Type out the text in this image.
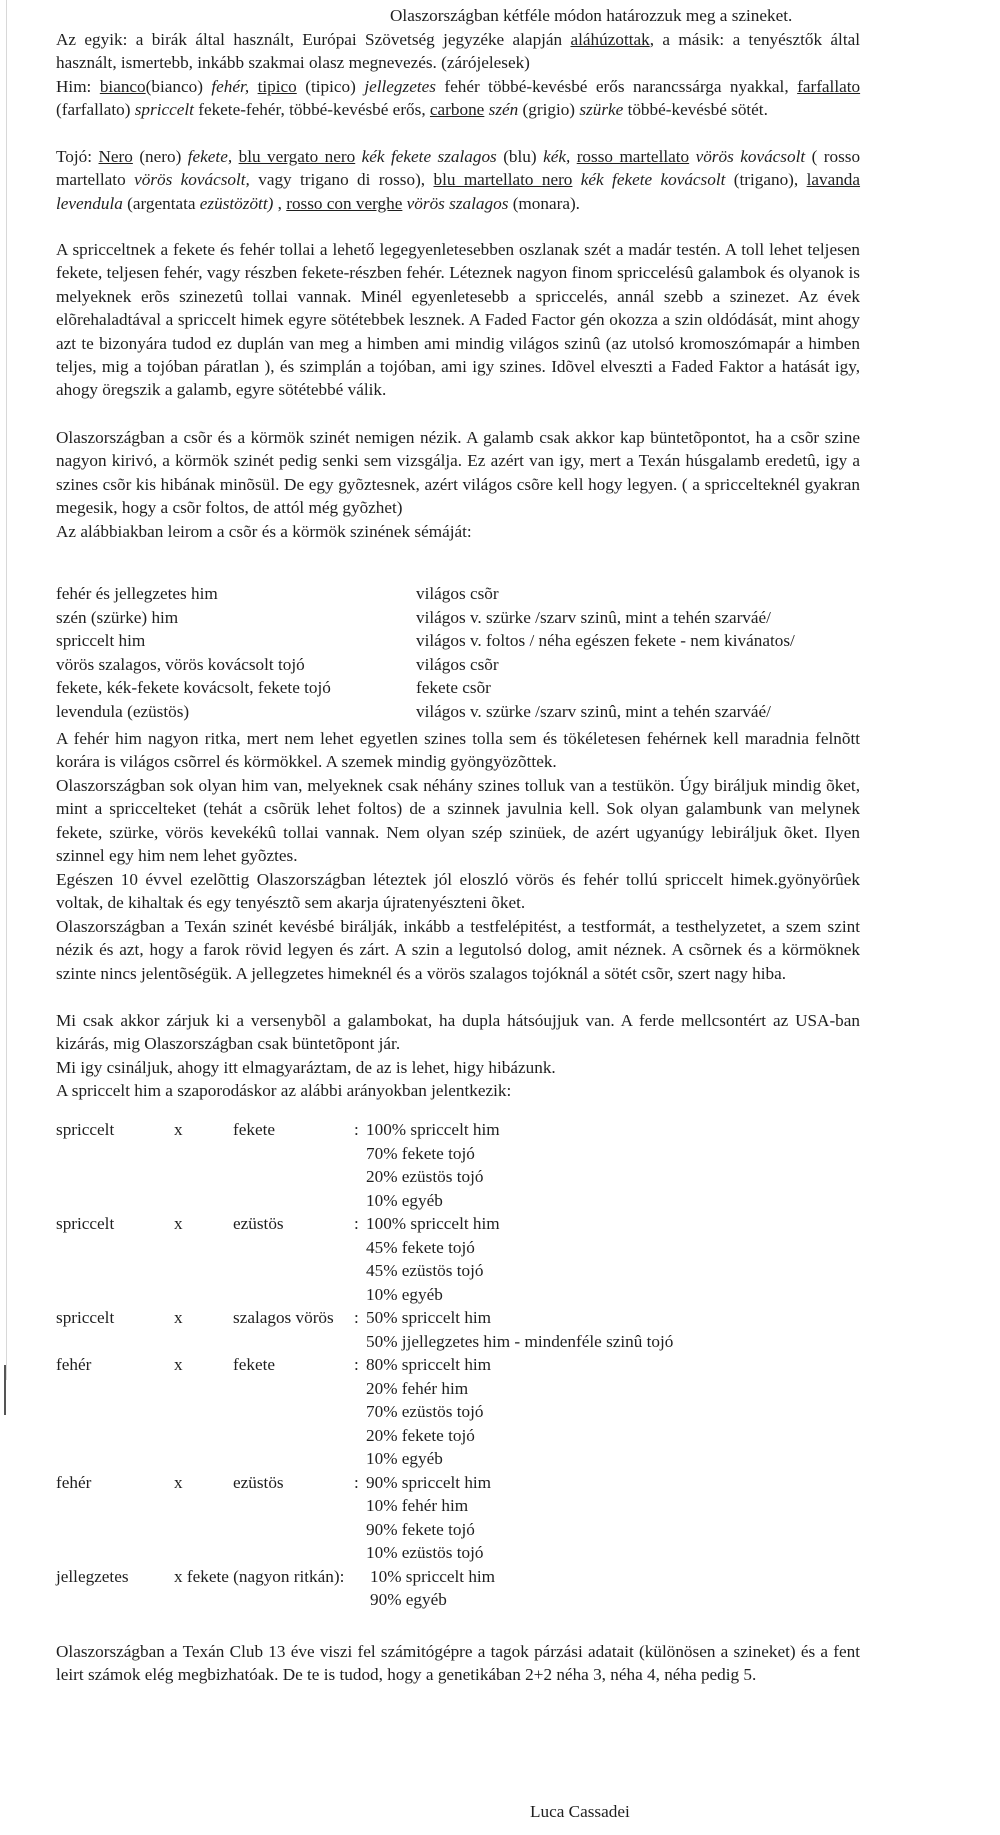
Olaszországban kétféle módon határozzuk meg a szineket.

Az egyik: a birák által használt, Európai Szövetség jegyzéke alapján aláhúzottak, a másik: a tenyésztők által használt, ismertebb, inkább szakmai olasz megnevezés. (zárójelesek)

Him: bianco(bianco) fehér, tipico (tipico) jellegzetes fehér többé-kevésbé erős narancssárga nyakkal, farfallato (farfallato) spriccelt fekete-fehér, többé-kevésbé erős, carbone szén (grigio) szürke többé-kevésbé sötét.

Tojó: Nero (nero) fekete, blu vergato nero kék fekete szalagos (blu) kék, rosso martellato vörös kovácsolt ( rosso martellato vörös kovácsolt, vagy trigano di rosso), blu martellato nero kék fekete kovácsolt (trigano), lavanda levendula (argentata ezüstözött) , rosso con verghe vörös szalagos (monara).

A spricceltnek a fekete és fehér tollai a lehető legegyenletesebben oszlanak szét a madár testén. A toll lehet teljesen fekete, teljesen fehér, vagy részben fekete-részben fehér. Léteznek nagyon finom spriccelésû galambok és olyanok is melyeknek erõs szinezetû tollai vannak. Minél egyenletesebb a spriccelés, annál szebb a szinezet. Az évek elõrehaladtával a spriccelt himek egyre sötétebbek lesznek. A Faded Factor gén okozza a szin oldódását, mint ahogy azt te bizonyára tudod ez duplán van meg a himben ami mindig világos szinû (az utolsó kromoszómapár a himben teljes, mig a tojóban páratlan ), és szimplán a tojóban, ami igy szines. Idõvel elveszti a Faded Faktor a hatását igy, ahogy öregszik a galamb, egyre sötétebbé válik.

Olaszországban a csõr és a körmök szinét nemigen nézik. A galamb csak akkor kap büntetõpontot, ha a csõr szine nagyon kirivó, a körmök szinét pedig senki sem vizsgálja. Ez azért van igy, mert a Texán húsgalamb eredetû, igy a szines csõr kis hibának minõsül. De egy gyõztesnek, azért világos csõre kell hogy legyen. ( a spriccelteknél gyakran megesik, hogy a csõr foltos, de attól még gyõzhet)

Az alábbiakban leirom a csõr és a körmök szinének sémáját:

fehér és jellegzetes him	világos csõr
szén (szürke) him	világos v. szürke /szarv szinû, mint a tehén szarváé/
spriccelt him	világos v. foltos / néha egészen fekete - nem kivánatos/
vörös szalagos, vörös kovácsolt tojó	világos csõr
fekete, kék-fekete kovácsolt, fekete tojó	fekete csõr
levendula (ezüstös)	világos v. szürke /szarv szinû, mint a tehén szarváé/

A fehér him nagyon ritka, mert nem lehet egyetlen szines tolla sem és tökéletesen fehérnek kell maradnia felnõtt korára is világos csõrrel és körmökkel. A szemek mindig gyöngyözõttek.

Olaszországban sok olyan him van, melyeknek csak néhány szines tolluk van a testükön. Úgy biráljuk mindig õket, mint a spriccelteket (tehát a csõrük lehet foltos) de a szinnek javulnia kell. Sok olyan galambunk van melynek fekete, szürke, vörös kevekékû tollai vannak. Nem olyan szép szinüek, de azért ugyanúgy lebiráljuk õket. Ilyen szinnel egy him nem lehet gyõztes.

Egészen 10 évvel ezelõttig Olaszországban léteztek jól eloszló vörös és fehér tollú spriccelt himek.gyönyörûek voltak, de kihaltak és egy tenyésztõ sem akarja újratenyészteni õket.

Olaszországban a Texán szinét kevésbé birálják, inkább a testfelépitést, a testformát, a testhelyzetet, a szem szint nézik és azt, hogy a farok rövid legyen és zárt. A szin a legutolsó dolog, amit néznek. A csõrnek és a körmöknek szinte nincs jelentõségük. A jellegzetes himeknél és a vörös szalagos tojóknál a sötét csõr, szert nagy hiba.

Mi csak akkor zárjuk ki a versenybõl a galambokat, ha dupla hátsóujjuk van. A ferde mellcsontért az USA-ban kizárás, mig Olaszországban csak büntetõpont jár.

Mi igy csináljuk, ahogy itt elmagyaráztam, de az is lehet, higy hibázunk.

A spriccelt him a szaporodáskor az alábbi arányokban jelentkezik:

spriccelt	x	fekete	: 100% spriccelt him
70% fekete tojó
20% ezüstös tojó
10% egyéb
spriccelt	x	ezüstös	: 100% spriccelt him
45% fekete tojó
45% ezüstös tojó
10% egyéb
spriccelt	x	szalagos vörös : 50% spriccelt him
50% jjellegzetes him - mindenféle szinû tojó
fehér	x	fekete	: 80% spriccelt him
20% fehér him
70% ezüstös tojó
20% fekete tojó
10% egyéb
fehér	x	ezüstös	: 90% spriccelt him
10% fehér him
90% fekete tojó
10% ezüstös tojó
jellegzetes	x fekete (nagyon ritkán): 10% spriccelt him
90% egyéb

Olaszországban a Texán Club 13 éve viszi fel számitógépre a tagok párzási adatait (különösen a szineket) és a fent leirt számok elég megbizhatóak. De te is tudod, hogy a genetikában 2+2 néha 3, néha 4, néha pedig 5.

Luca Cassadei
